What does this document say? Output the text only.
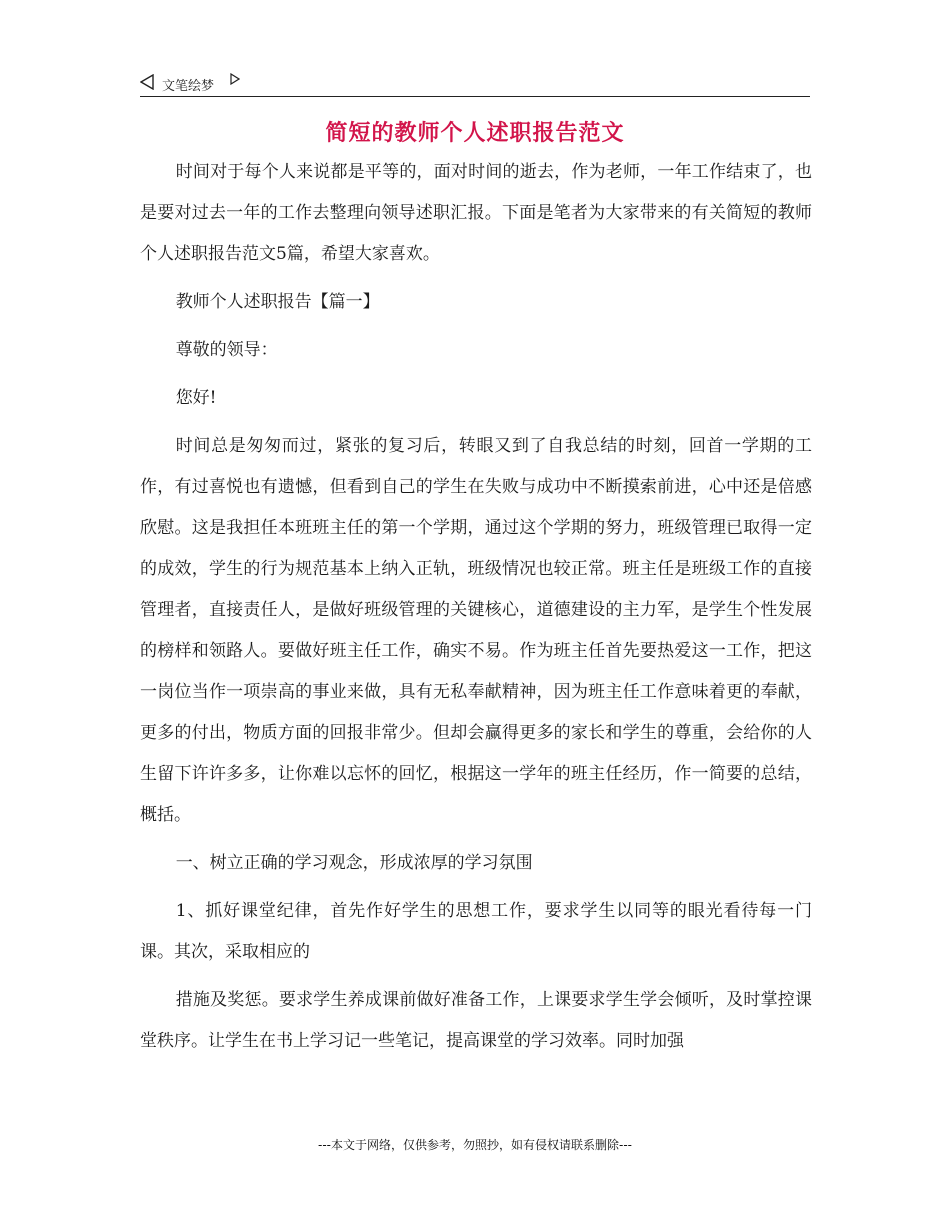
文笔绘梦
简短的教师个人述职报告范文

时间对于每个人来说都是平等的，面对时间的逝去，作为老师，一年工作结束了，也是要对过去一年的工作去整理向领导述职汇报。下面是笔者为大家带来的有关简短的教师个人述职报告范文5篇，希望大家喜欢。

教师个人述职报告【篇一】

尊敬的领导：

您好!

时间总是匆匆而过，紧张的复习后，转眼又到了自我总结的时刻，回首一学期的工作，有过喜悦也有遗憾，但看到自己的学生在失败与成功中不断摸索前进，心中还是倍感欣慰。这是我担任本班班主任的第一个学期，通过这个学期的努力，班级管理已取得一定的成效，学生的行为规范基本上纳入正轨，班级情况也较正常。班主任是班级工作的直接管理者，直接责任人，是做好班级管理的关键核心，道德建设的主力军，是学生个性发展的榜样和领路人。要做好班主任工作，确实不易。作为班主任首先要热爱这一工作，把这一岗位当作一项崇高的事业来做，具有无私奉献精神，因为班主任工作意味着更的奉献，更多的付出，物质方面的回报非常少。但却会赢得更多的家长和学生的尊重，会给你的人生留下许许多多，让你难以忘怀的回忆，根据这一学年的班主任经历，作一简要的总结，概括。

一、树立正确的学习观念，形成浓厚的学习氛围

1、抓好课堂纪律，首先作好学生的思想工作，要求学生以同等的眼光看待每一门课。其次，采取相应的

措施及奖惩。要求学生养成课前做好准备工作，上课要求学生学会倾听，及时掌控课堂秩序。让学生在书上学习记一些笔记，提高课堂的学习效率。同时加强

---本文于网络，仅供参考，勿照抄，如有侵权请联系删除---
